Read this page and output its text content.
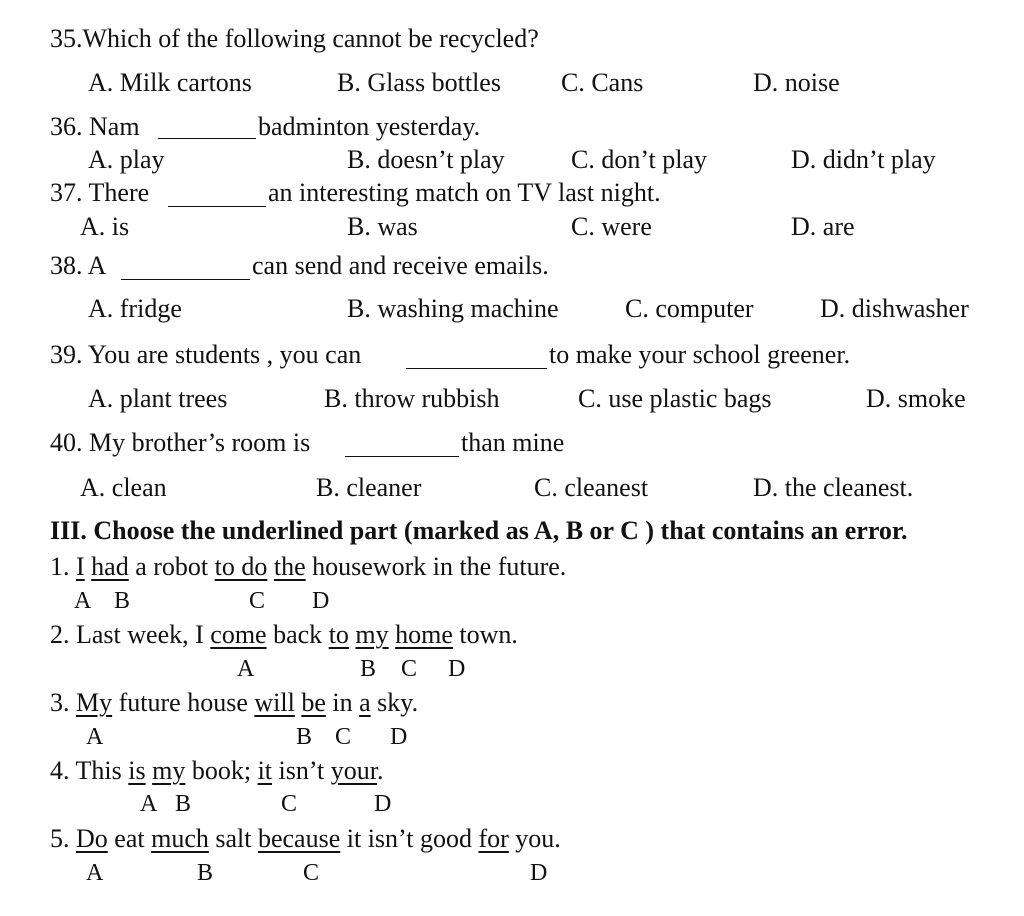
35.Which of the following cannot be recycled?
A. Milk cartons	B. Glass bottles C. Cans	D. noise
36. Nam	badminton yesterday.
A. play	B. doesn’t play	C. don’t play	D. didn’t play
37. There	an interesting match on TV last night.
A. is	B. was	C. were	D. are
38. A	can send and receive emails.
A. fridge	B. washing machine	C. computer	D. dishwasher
39. You are students , you can	to make your school greener.
A. plant trees	B. throw rubbish	C. use plastic bags	D. smoke
40. My brother’s room is	than mine
A. clean	B. cleaner	C. cleanest	D. the cleanest.
III. Choose the underlined part (marked as A, B or C ) that contains an error.
1. I had a robot to do the housework in the future.
A B	C D
2. Last week, I come back to my home town.
A	B C D
3. My future house will be in a sky.
A	B C D
4. This is my book; it isn’t your.
A B	C	D
5. Do eat much salt because it isn’t good for you.
A	B	C	D
